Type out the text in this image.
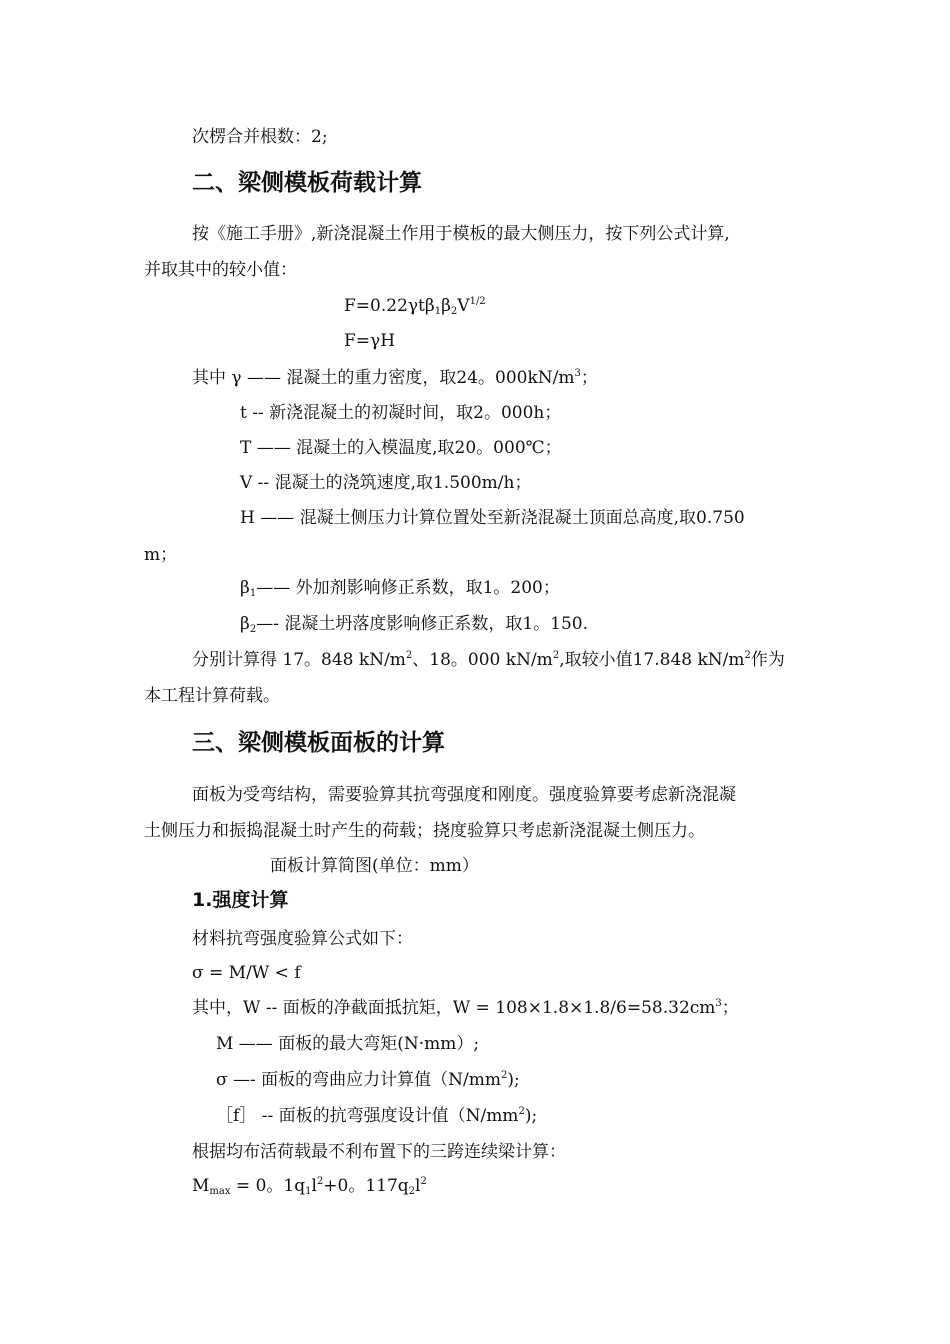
次楞合并根数：2;
二、梁侧模板荷载计算
按《施工手册》,新浇混凝土作用于模板的最大侧压力，按下列公式计算,
并取其中的较小值：
$F=0.22\gamma t\beta_1\beta_2V^{1/2}$
F=γH
其中 γ —— 混凝土的重力密度，取24。$000kN/m^3$；
t -- 新浇混凝土的初凝时间，取2。000h；
T —— 混凝土的入模温度,取20。000℃；
V -- 混凝土的浇筑速度,取1.500m/h；
H —— 混凝土侧压力计算位置处至新浇混凝土顶面总高度,取0.750
m；
$\beta_1——$ 外加剂影响修正系数，取1。200；
$\beta_2—-$ 混凝土坍落度影响修正系数，取1。150.
分别计算得 17。848 $kN/m^2$、18。000 $kN/m^2$,取较小值17.848 $kN/m^2$作为
本工程计算荷载。
三、梁侧模板面板的计算
面板为受弯结构，需要验算其抗弯强度和刚度。强度验算要考虑新浇混凝
土侧压力和振捣混凝土时产生的荷载；挠度验算只考虑新浇混凝土侧压力。
面板计算简图(单位：mm）
1.强度计算
材料抗弯强度验算公式如下：
σ = M/W < f
其中，W -- 面板的净截面抵抗矩，$W = 108\times 1.8\times 1.8/6=58.32cm^3$；
M —— 面板的最大弯矩(N·mm）;
σ —- 面板的弯曲应力计算值$(N/mm^2)$;
［f］ -- 面板的抗弯强度设计值$(N/mm^2)$;
根据均布活荷载最不利布置下的三跨连续梁计算：
$M_{max} = 0$。$1q_1l^2+0$。$117q_2l^2$
